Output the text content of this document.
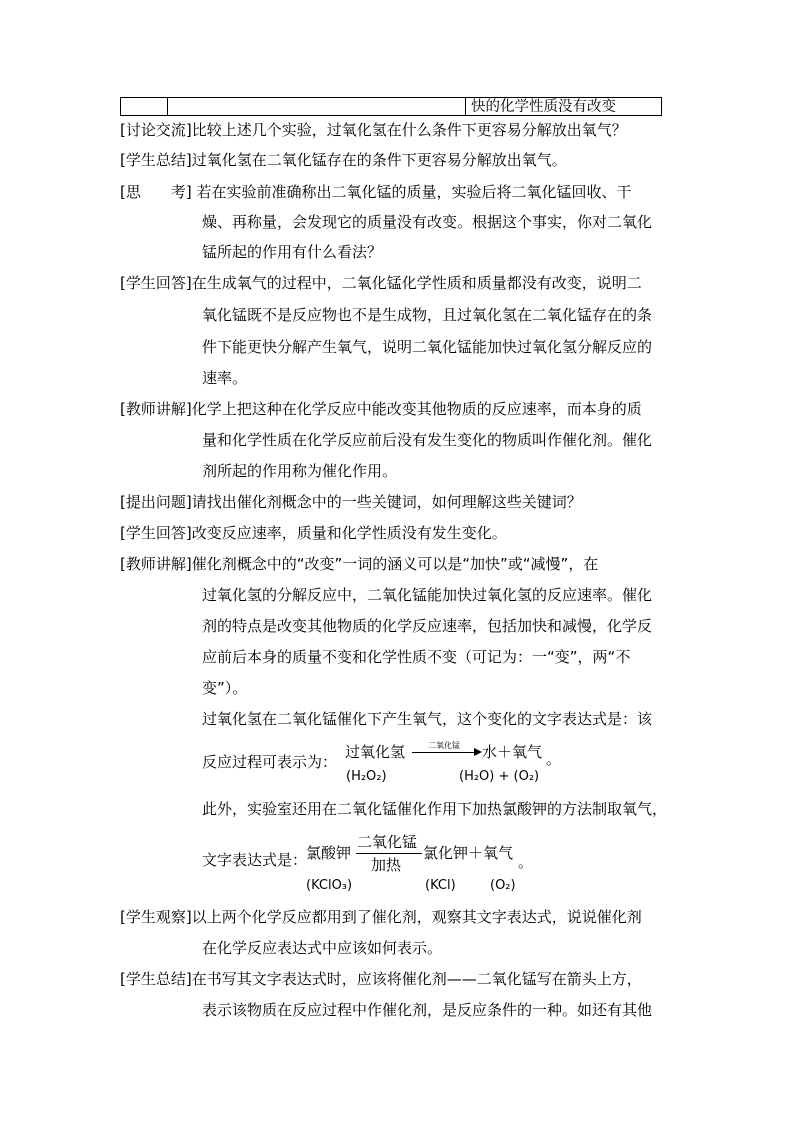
快的化学性质没有改变
[讨论交流]比较上述几个实验，过氧化氢在什么条件下更容易分解放出氧气？
[学生总结]过氧化氢在二氧化锰存在的条件下更容易分解放出氧气。
[思　　考] 若在实验前准确称出二氧化锰的质量，实验后将二氧化锰回收、干
燥、再称量，会发现它的质量没有改变。根据这个事实，你对二氧化
锰所起的作用有什么看法？
[学生回答]在生成氧气的过程中，二氧化锰化学性质和质量都没有改变，说明二
氧化锰既不是反应物也不是生成物，且过氧化氢在二氧化锰存在的条
件下能更快分解产生氧气，说明二氧化锰能加快过氧化氢分解反应的
速率。
[教师讲解]化学上把这种在化学反应中能改变其他物质的反应速率，而本身的质
量和化学性质在化学反应前后没有发生变化的物质叫作催化剂。催化
剂所起的作用称为催化作用。
[提出问题]请找出催化剂概念中的一些关键词，如何理解这些关键词？
[学生回答]改变反应速率，质量和化学性质没有发生变化。
[教师讲解]催化剂概念中的“改变”一词的涵义可以是“加快”或“减慢”，在
过氧化氢的分解反应中，二氧化锰能加快过氧化氢的反应速率。催化
剂的特点是改变其他物质的化学反应速率，包括加快和减慢，化学反
应前后本身的质量不变和化学性质不变（可记为：一“变”，两“不
变”）。
过氧化氢在二氧化锰催化下产生氧气，这个变化的文字表达式是：该
反应过程可表示为：
过氧化氢	二氧化锰 水＋氧气 。
(H₂O₂)	(H₂O) + (O₂)
此外，实验室还用在二氧化锰催化作用下加热氯酸钾的方法制取氧气，
文字表达式是：
氯酸钾
二氧化锰
加热
氯化钾＋氧气 。
(KClO₃)	(KCl)	(O₂)
[学生观察]以上两个化学反应都用到了催化剂，观察其文字表达式，说说催化剂
在化学反应表达式中应该如何表示。
[学生总结]在书写其文字表达式时，应该将催化剂——二氧化锰写在箭头上方，
表示该物质在反应过程中作催化剂，是反应条件的一种。如还有其他
